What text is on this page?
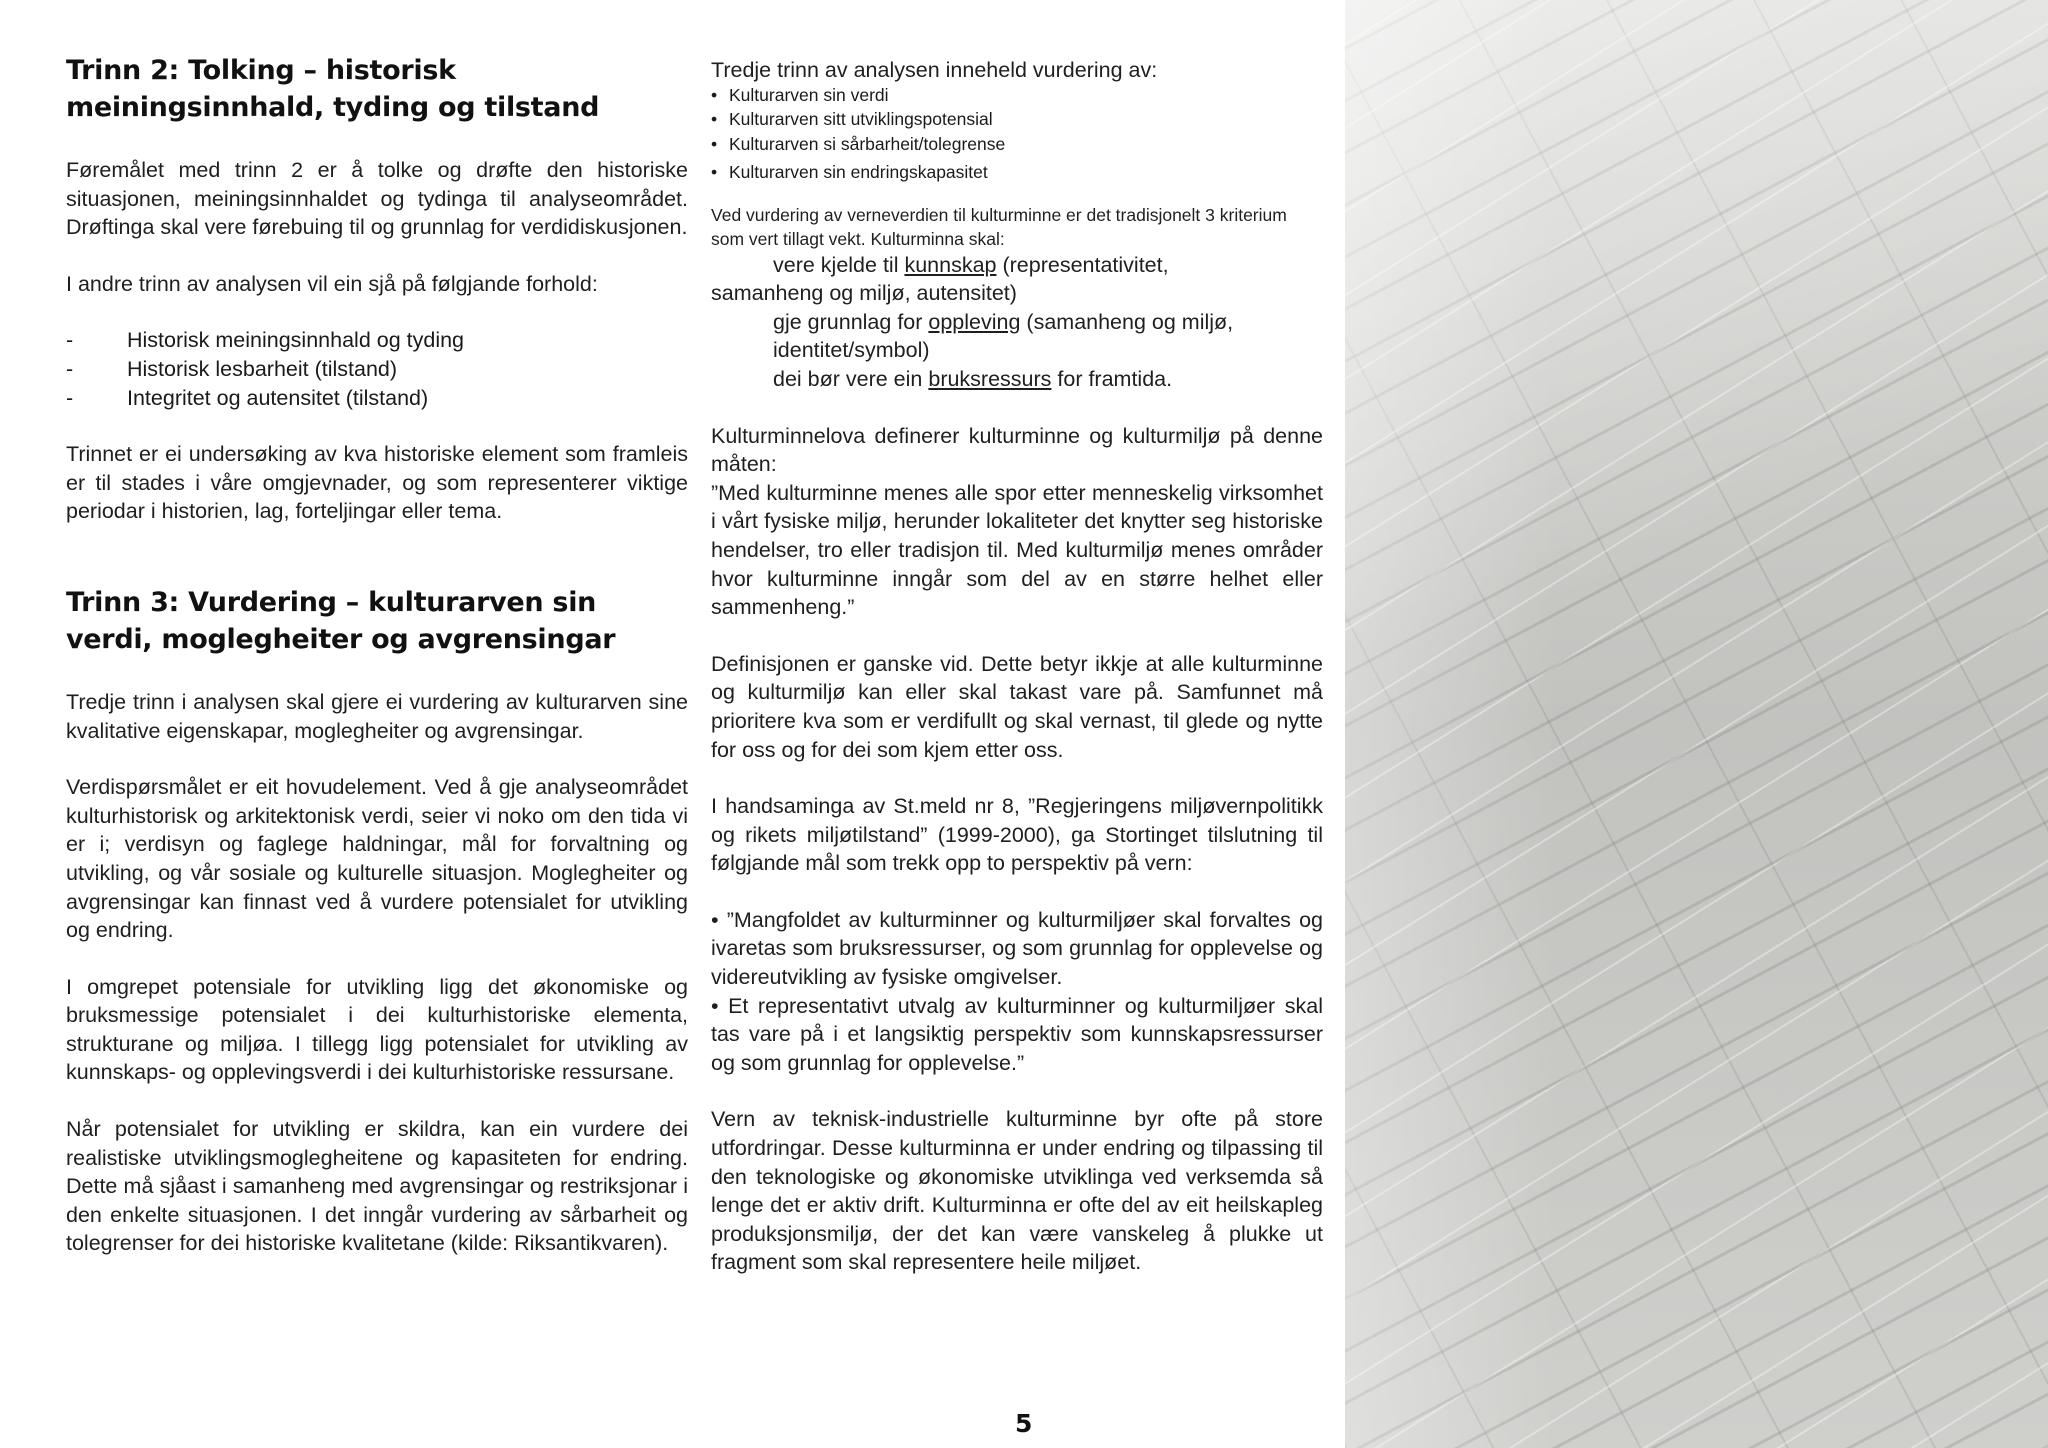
Trinn 2: Tolking – historisk meiningsinnhald, tyding og tilstand

Føremålet med trinn 2 er å tolke og drøfte den historiske situasjonen, meiningsinnhaldet og tydinga til analyseområdet. Drøftinga skal vere førebuing til og grunnlag for verdidiskusjonen.

I andre trinn av analysen vil ein sjå på følgjande forhold:

-	Historisk meiningsinnhald og tyding
-	Historisk lesbarheit (tilstand)
-	Integritet og autensitet (tilstand)

Trinnet er ei undersøking av kva historiske element som framleis er til stades i våre omgjevnader, og som representerer viktige periodar i historien, lag, forteljingar eller tema.

Trinn 3: Vurdering – kulturarven sin verdi, moglegheiter og avgrensingar

Tredje trinn i analysen skal gjere ei vurdering av kulturarven sine kvalitative eigenskapar, moglegheiter og avgrensingar.

Verdispørsmålet er eit hovudelement. Ved å gje analyseområdet kulturhistorisk og arkitektonisk verdi, seier vi noko om den tida vi er i; verdisyn og faglege haldningar, mål for forvaltning og utvikling, og vår sosiale og kulturelle situasjon. Moglegheiter og avgrensingar kan finnast ved å vurdere potensialet for utvikling og endring.

I omgrepet potensiale for utvikling ligg det økonomiske og bruksmessige potensialet i dei kulturhistoriske elementa, strukturane og miljøa. I tillegg ligg potensialet for utvikling av kunnskaps- og opplevingsverdi i dei kulturhistoriske ressursane.

Når potensialet for utvikling er skildra, kan ein vurdere dei realistiske utviklingsmoglegheitene og kapasiteten for endring. Dette må sjåast i samanheng med avgrensingar og restriksjonar i den enkelte situasjonen. I det inngår vurdering av sårbarheit og tolegrenser for dei historiske kvalitetane (kilde: Riksantikvaren).

Tredje trinn av analysen inneheld vurdering av:

• Kulturarven sin verdi
• Kulturarven sitt utviklingspotensial
• Kulturarven si sårbarheit/tolegrense
• Kulturarven sin endringskapasitet

Ved vurdering av verneverdien til kulturminne er det tradisjonelt 3 kriterium som vert tillagt vekt. Kulturminna skal:

vere kjelde til kunnskap (representativitet,

samanheng og miljø, autensitet)

gje grunnlag for oppleving (samanheng og miljø,

identitet/symbol)

dei bør vere ein bruksressurs for framtida.

Kulturminnelova definerer kulturminne og kulturmiljø på denne måten:

”Med kulturminne menes alle spor etter menneskelig virksomhet i vårt fysiske miljø, herunder lokaliteter det knytter seg historiske hendelser, tro eller tradisjon til. Med kulturmiljø menes områder hvor kulturminne inngår som del av en større helhet eller sammenheng.”

Definisjonen er ganske vid. Dette betyr ikkje at alle kulturminne og kulturmiljø kan eller skal takast vare på. Samfunnet må prioritere kva som er verdifullt og skal vernast, til glede og nytte for oss og for dei som kjem etter oss.

I handsaminga av St.meld nr 8, ”Regjeringens miljøvernpolitikk og rikets miljøtilstand” (1999-2000), ga Stortinget tilslutning til følgjande mål som trekk opp to perspektiv på vern:

• ”Mangfoldet av kulturminner og kulturmiljøer skal forvaltes og ivaretas som bruksressurser, og som grunnlag for opplevelse og videreutvikling av fysiske omgivelser.

• Et representativt utvalg av kulturminner og kulturmiljøer skal tas vare på i et langsiktig perspektiv som kunnskapsressurser og som grunnlag for opplevelse.”

Vern av teknisk-industrielle kulturminne byr ofte på store utfordringar. Desse kulturminna er under endring og tilpassing til den teknologiske og økonomiske utviklinga ved verksemda så lenge det er aktiv drift. Kulturminna er ofte del av eit heilskapleg produksjonsmiljø, der det kan være vanskeleg å plukke ut fragment som skal representere heile miljøet.

5
